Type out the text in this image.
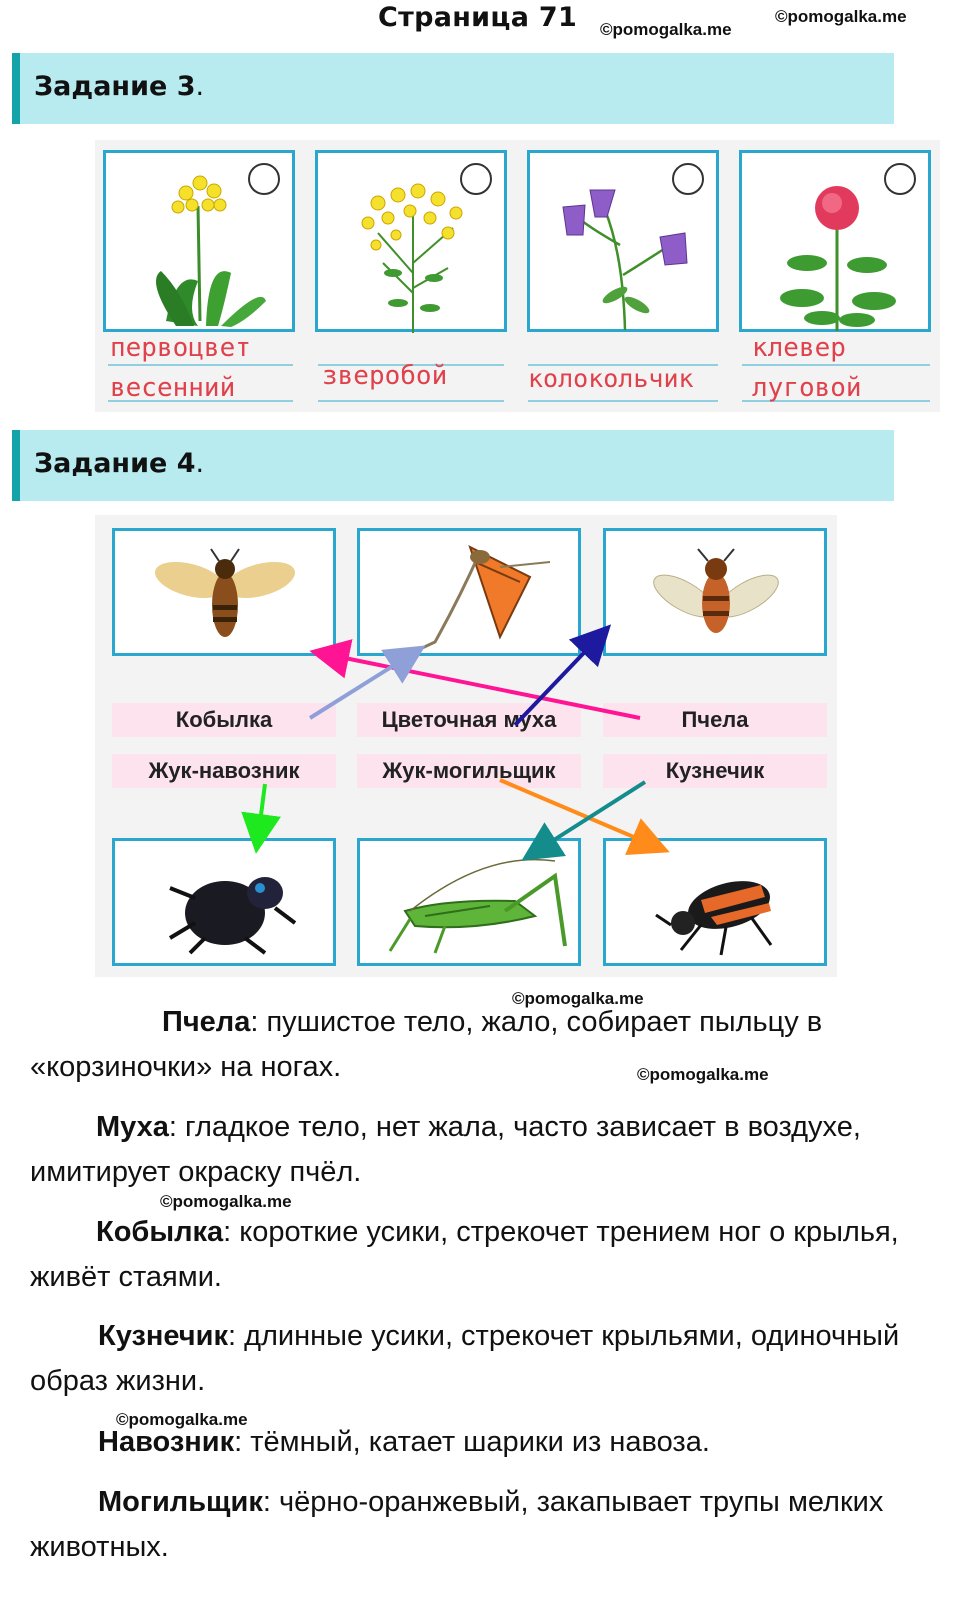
Страница 71 ©pomogalka.me
©pomogalka.me
Задание 3.
первоцвет
весенний	зверобой	колокольчик
клевер
луговой
Задание 4.
Кобылка	Цветочная муха	Пчела
Жук-навозник	Жук-могильщик	Кузнечик
©pomogalka.me
©pomogalka.me
©pomogalka.me
©pomogalka.me
Пчела: пушистое тело, жало, собирает пыльцу в «корзиночки» на ногах.
Муха: гладкое тело, нет жала, часто зависает в воздухе, имитирует окраску пчёл.
Кобылка: короткие усики, стрекочет трением ног о крылья, живёт стаями.
Кузнечик: длинные усики, стрекочет крыльями, одиночный образ жизни.
Навозник: тёмный, катает шарики из навоза.
Могильщик: чёрно-оранжевый, закапывает трупы мелких животных.
